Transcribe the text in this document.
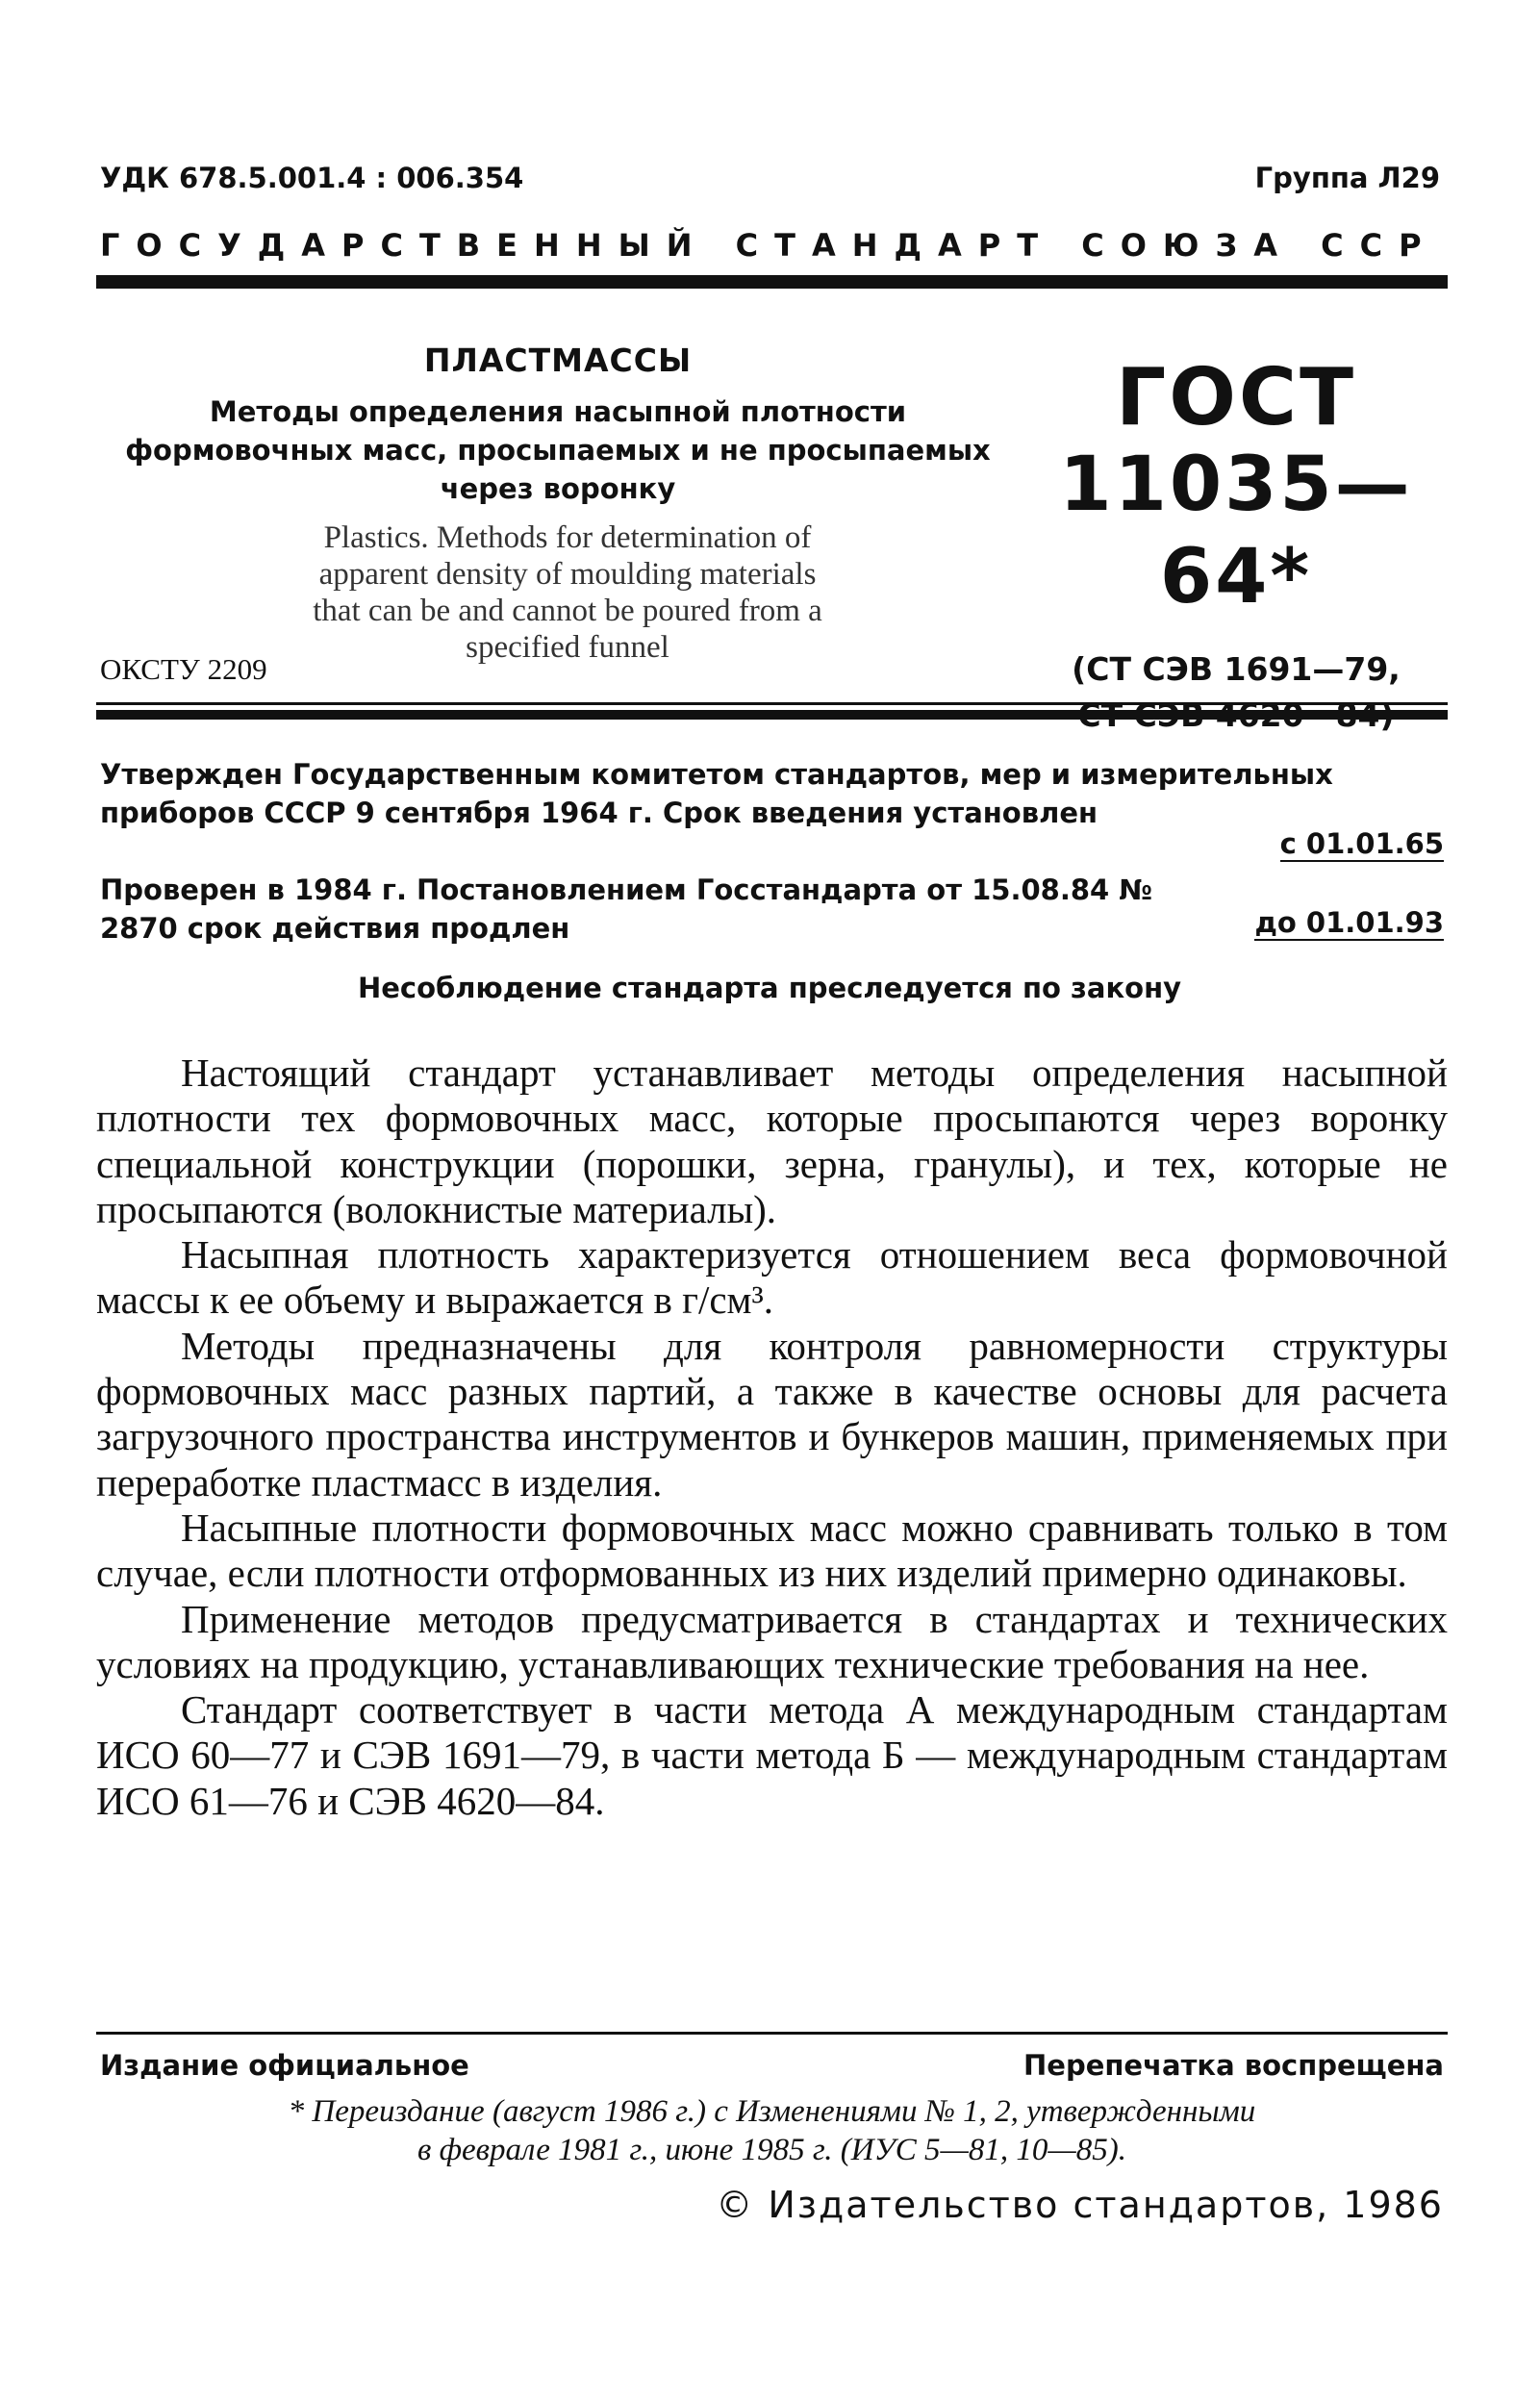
УДК 678.5.001.4 : 006.354	Группа Л29
ГОСУДАРСТВЕННЫЙ СТАНДАРТ СОЮЗА ССР
ПЛАСТМАССЫ
Методы определения насыпной плотности
формовочных масс, просыпаемых и не просыпаемых
через воронку
Plastics. Methods for determination of
apparent density of moulding materials
that can be and cannot be poured from a
specified funnel
ОКСТУ 2209
ГОСТ
11035—64*
(СТ СЭВ 1691—79,
Утвержден Государственным комитетом стандартов, мер и измерительных приборов СССР 9 сентября 1964 г. Срок введения установлен
с 01.01.65
Проверен в 1984 г. Постановлением Госстандарта от 15.08.84 № 2870 срок действия продлен	до 01.01.93
Несоблюдение стандарта преследуется по закону

Настоящий стандарт устанавливает методы определения насыпной плотности тех формовочных масс, которые просыпаются через воронку специальной конструкции (порошки, зерна, гранулы), и тех, которые не просыпаются (волокнистые материалы).

Насыпная плотность характеризуется отношением веса формовочной массы к ее объему и выражается в г/см³.

Методы предназначены для контроля равномерности структуры формовочных масс разных партий, а также в качестве основы для расчета загрузочного пространства инструментов и бункеров машин, применяемых при переработке пластмасс в изделия.

Насыпные плотности формовочных масс можно сравнивать только в том случае, если плотности отформованных из них изделий примерно одинаковы.

Применение методов предусматривается в стандартах и технических условиях на продукцию, устанавливающих технические требования на нее.

Стандарт соответствует в части метода А международным стандартам ИСО 60—77 и СЭВ 1691—79, в части метода Б — международным стандартам ИСО 61—76 и СЭВ 4620—84.

Издание официальное	Перепечатка воспрещена
* Переиздание (август 1986 г.) с Изменениями № 1, 2, утвержденными
в феврале 1981 г., июне 1985 г. (ИУС 5—81, 10—85).
© Издательство стандартов, 1986
